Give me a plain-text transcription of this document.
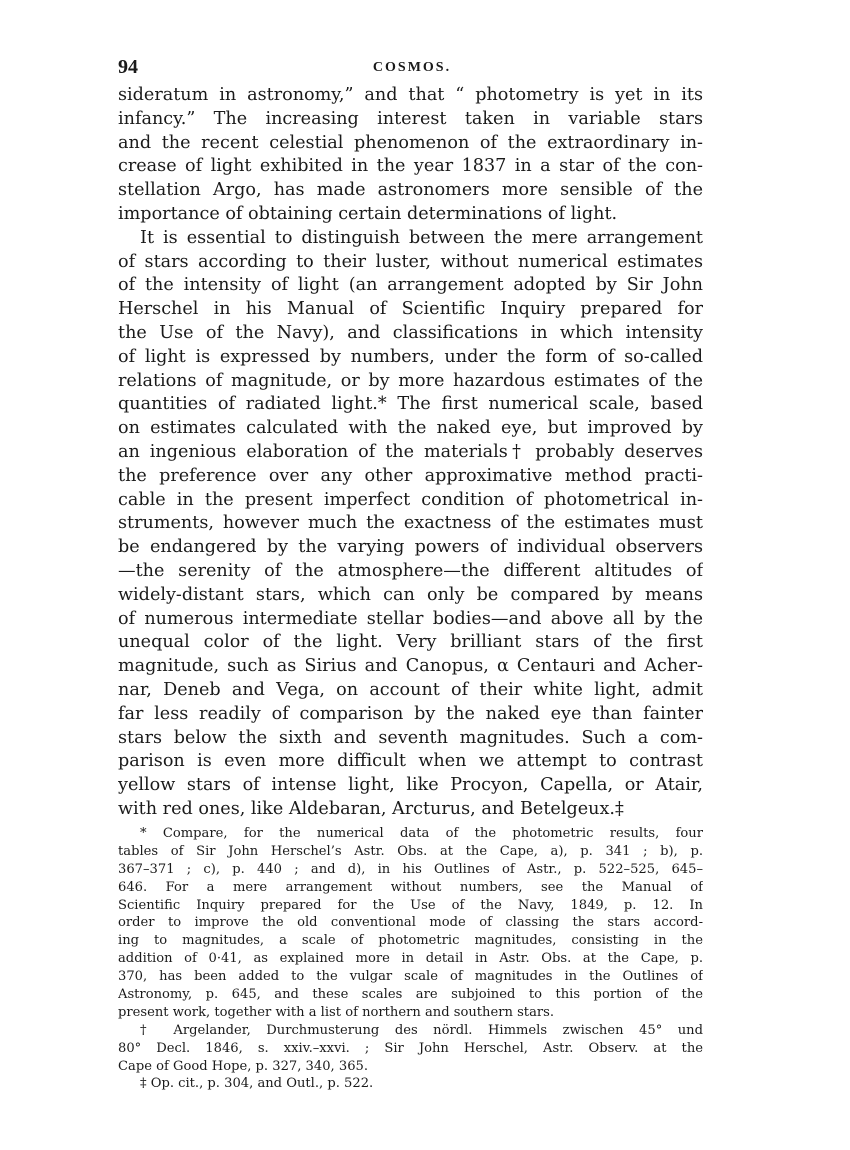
94	COSMOS.
sideratum in astronomy,” and that “ photometry is yet in its
infancy.” The increasing interest taken in variable stars
and the recent celestial phenomenon of the extraordinary in-
crease of light exhibited in the year 1837 in a star of the con-
stellation Argo, has made astronomers more sensible of the
importance of obtaining certain determinations of light.
It is essential to distinguish between the mere arrangement
of stars according to their luster, without numerical estimates
of the intensity of light (an arrangement adopted by Sir John
Herschel in his Manual of Scientific Inquiry prepared for
the Use of the Navy), and classifications in which intensity
of light is expressed by numbers, under the form of so-called
relations of magnitude, or by more hazardous estimates of the
quantities of radiated light.* The first numerical scale, based
on estimates calculated with the naked eye, but improved by
an ingenious elaboration of the materials† probably deserves
the preference over any other approximative method practi-
cable in the present imperfect condition of photometrical in-
struments, however much the exactness of the estimates must
be endangered by the varying powers of individual observers
—the serenity of the atmosphere—the different altitudes of
widely-distant stars, which can only be compared by means
of numerous intermediate stellar bodies—and above all by the
unequal color of the light. Very brilliant stars of the first
magnitude, such as Sirius and Canopus, α Centauri and Acher-
nar, Deneb and Vega, on account of their white light, admit
far less readily of comparison by the naked eye than fainter
stars below the sixth and seventh magnitudes. Such a com-
parison is even more difficult when we attempt to contrast
yellow stars of intense light, like Procyon, Capella, or Atair,
with red ones, like Aldebaran, Arcturus, and Betelgeux.‡
* Compare, for the numerical data of the photometric results, four
tables of Sir John Herschel’s Astr. Obs. at the Cape, a), p. 341 ; b), p.
367–371 ; c), p. 440 ; and d), in his Outlines of Astr., p. 522–525, 645–
646. For a mere arrangement without numbers, see the Manual of
Scientific Inquiry prepared for the Use of the Navy, 1849, p. 12. In
order to improve the old conventional mode of classing the stars accord-
ing to magnitudes, a scale of photometric magnitudes, consisting in the
addition of 0·41, as explained more in detail in Astr. Obs. at the Cape, p.
370, has been added to the vulgar scale of magnitudes in the Outlines of
Astronomy, p. 645, and these scales are subjoined to this portion of the
present work, together with a list of northern and southern stars.
† Argelander, Durchmusterung des nördl. Himmels zwischen 45° und
80° Decl. 1846, s. xxiv.–xxvi. ; Sir John Herschel, Astr. Observ. at the
Cape of Good Hope, p. 327, 340, 365.
‡ Op. cit., p. 304, and Outl., p. 522.
